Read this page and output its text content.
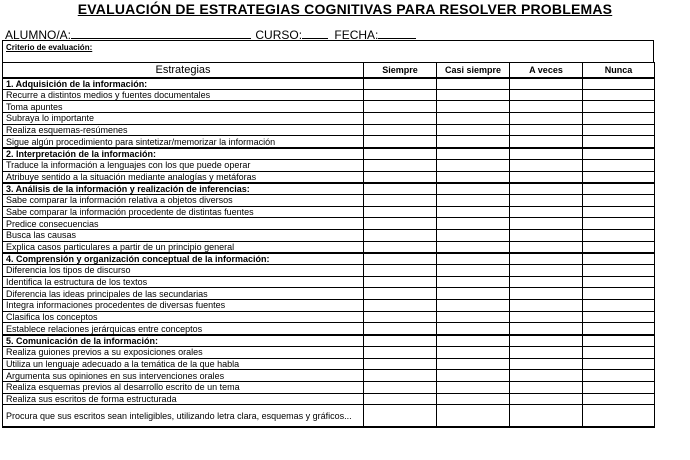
EVALUACIÓN DE ESTRATEGIAS COGNITIVAS PARA RESOLVER PROBLEMAS
ALUMNO/A:	CURSO:	FECHA:
Criterio de evaluación:
Estrategias	Siempre	Casi siempre	A veces	Nunca
1. Adquisición de la información:				
Recurre a distintos medios y fuentes documentales				
Toma apuntes				
Subraya lo importante				
Realiza esquemas-resúmenes				
Sigue algún procedimiento para sintetizar/memorizar la información				
2. Interpretación de la información:				
Traduce la información a lenguajes con los que puede operar				
Atribuye sentido a la situación mediante analogías y metáforas				
3. Análisis de la información y realización de inferencias:				
Sabe comparar la información relativa a objetos diversos				
Sabe comparar la información procedente de distintas fuentes				
Predice consecuencias				
Busca las causas				
Explica casos particulares a partir de un principio general				
4. Comprensión y organización conceptual de la información:				
Diferencia los tipos de discurso				
Identifica la estructura de los textos				
Diferencia las ideas principales de las secundarias				
Integra informaciones procedentes de diversas fuentes				
Clasifica los conceptos				
Establece relaciones jerárquicas entre conceptos				
5. Comunicación de la información:				
Realiza guiones previos a su exposiciones orales				
Utiliza un lenguaje adecuado a la temática de la que habla				
Argumenta sus opiniones en sus intervenciones orales				
Realiza esquemas previos al desarrollo escrito de un tema				
Realiza sus escritos de forma estructurada				
Procura que sus escritos sean inteligibles, utilizando letra clara, esquemas y gráficos...				
